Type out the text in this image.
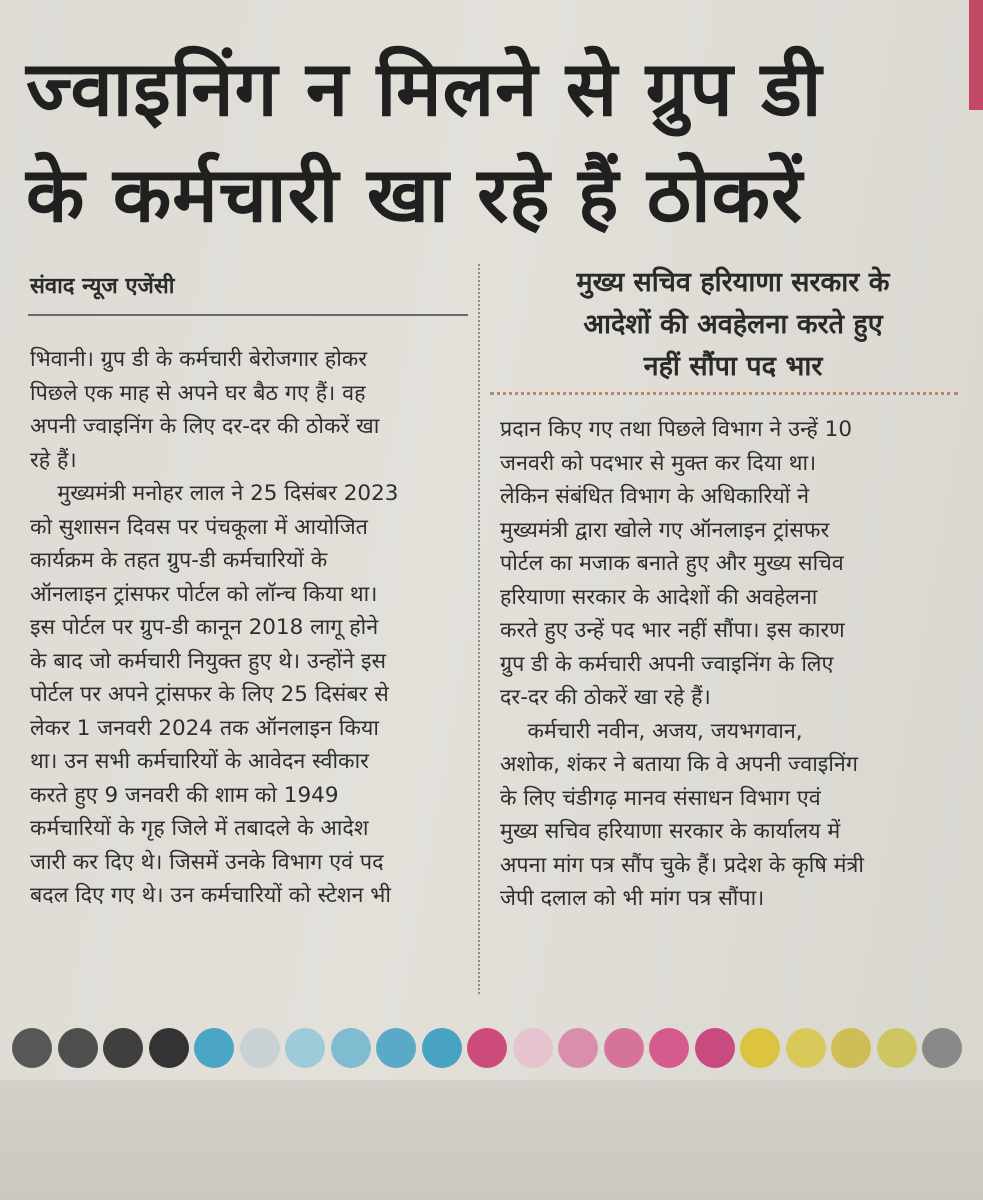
ज्वाइनिंग न मिलने से ग्रुप डी
के कर्मचारी खा रहे हैं ठोकरें
संवाद न्यूज एजेंसी	मुख्य सचिव हरियाणा सरकार के
आदेशों की अवहेलना करते हुए
नहीं सौंपा पद भार
भिवानी। ग्रुप डी के कर्मचारी बेरोजगार होकर
पिछले एक माह से अपने घर बैठ गए हैं। वह
अपनी ज्वाइनिंग के लिए दर-दर की ठोकरें खा
रहे हैं।
मुख्यमंत्री मनोहर लाल ने 25 दिसंबर 2023
को सुशासन दिवस पर पंचकूला में आयोजित
कार्यक्रम के तहत ग्रुप-डी कर्मचारियों के
ऑनलाइन ट्रांसफर पोर्टल को लॉन्च किया था।
इस पोर्टल पर ग्रुप-डी कानून 2018 लागू होने
के बाद जो कर्मचारी नियुक्त हुए थे। उन्होंने इस
पोर्टल पर अपने ट्रांसफर के लिए 25 दिसंबर से
लेकर 1 जनवरी 2024 तक ऑनलाइन किया
था। उन सभी कर्मचारियों के आवेदन स्वीकार
करते हुए 9 जनवरी की शाम को 1949
कर्मचारियों के गृह जिले में तबादले के आदेश
जारी कर दिए थे। जिसमें उनके विभाग एवं पद
बदल दिए गए थे। उन कर्मचारियों को स्टेशन भी
प्रदान किए गए तथा पिछले विभाग ने उन्हें 10
जनवरी को पदभार से मुक्त कर दिया था।
लेकिन संबंधित विभाग के अधिकारियों ने
मुख्यमंत्री द्वारा खोले गए ऑनलाइन ट्रांसफर
पोर्टल का मजाक बनाते हुए और मुख्य सचिव
हरियाणा सरकार के आदेशों की अवहेलना
करते हुए उन्हें पद भार नहीं सौंपा। इस कारण
ग्रुप डी के कर्मचारी अपनी ज्वाइनिंग के लिए
दर-दर की ठोकरें खा रहे हैं।
कर्मचारी नवीन, अजय, जयभगवान,
अशोक, शंकर ने बताया कि वे अपनी ज्वाइनिंग
के लिए चंडीगढ़ मानव संसाधन विभाग एवं
मुख्य सचिव हरियाणा सरकार के कार्यालय में
अपना मांग पत्र सौंप चुके हैं। प्रदेश के कृषि मंत्री
जेपी दलाल को भी मांग पत्र सौंपा।
